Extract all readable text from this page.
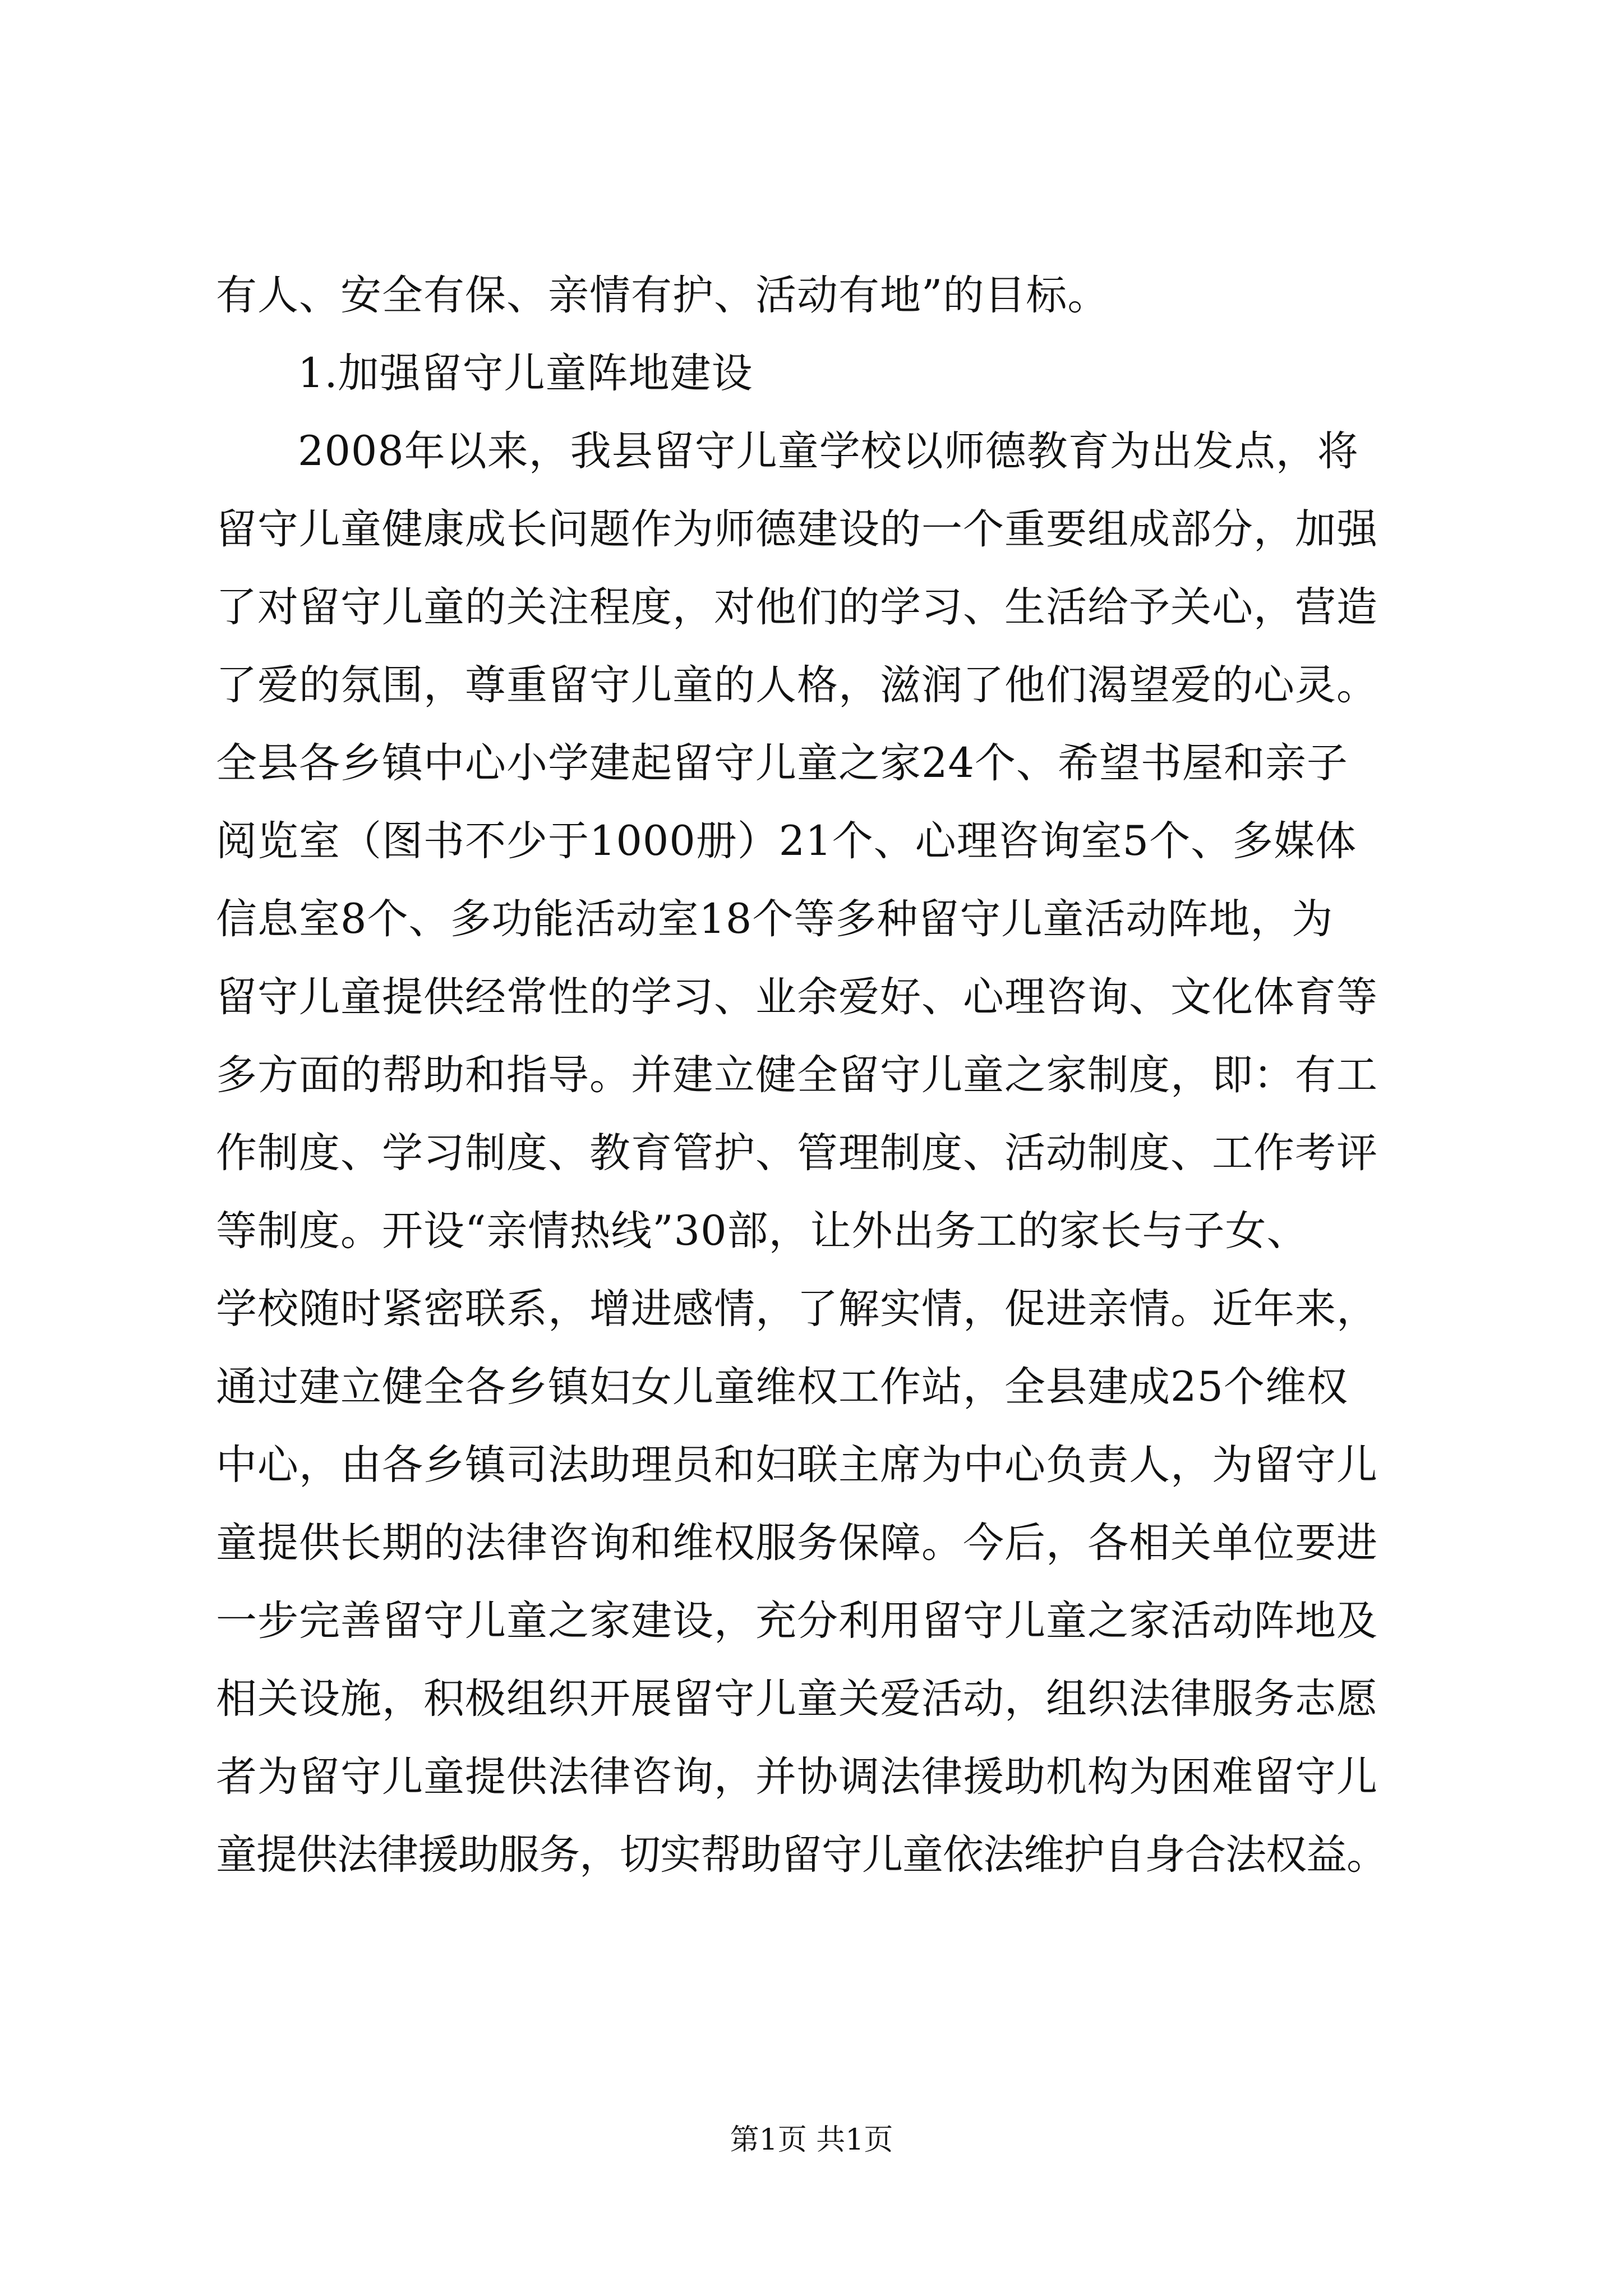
有人、安全有保、亲情有护、活动有地”的目标。
1.加强留守儿童阵地建设
2008年以来，我县留守儿童学校以师德教育为出发点，将
留守儿童健康成长问题作为师德建设的一个重要组成部分，加强
了对留守儿童的关注程度，对他们的学习、生活给予关心，营造
了爱的氛围，尊重留守儿童的人格，滋润了他们渴望爱的心灵。
全县各乡镇中心小学建起留守儿童之家24个、希望书屋和亲子
阅览室（图书不少于1000册）21个、心理咨询室5个、多媒体
信息室8个、多功能活动室18个等多种留守儿童活动阵地，为
留守儿童提供经常性的学习、业余爱好、心理咨询、文化体育等
多方面的帮助和指导。并建立健全留守儿童之家制度，即：有工
作制度、学习制度、教育管护、管理制度、活动制度、工作考评
等制度。开设“亲情热线”30部，让外出务工的家长与子女、
学校随时紧密联系，增进感情，了解实情，促进亲情。近年来，
通过建立健全各乡镇妇女儿童维权工作站，全县建成25个维权
中心，由各乡镇司法助理员和妇联主席为中心负责人，为留守儿
童提供长期的法律咨询和维权服务保障。今后，各相关单位要进
一步完善留守儿童之家建设，充分利用留守儿童之家活动阵地及
相关设施，积极组织开展留守儿童关爱活动，组织法律服务志愿
者为留守儿童提供法律咨询，并协调法律援助机构为困难留守儿
童提供法律援助服务，切实帮助留守儿童依法维护自身合法权益。
第1页 共1页
